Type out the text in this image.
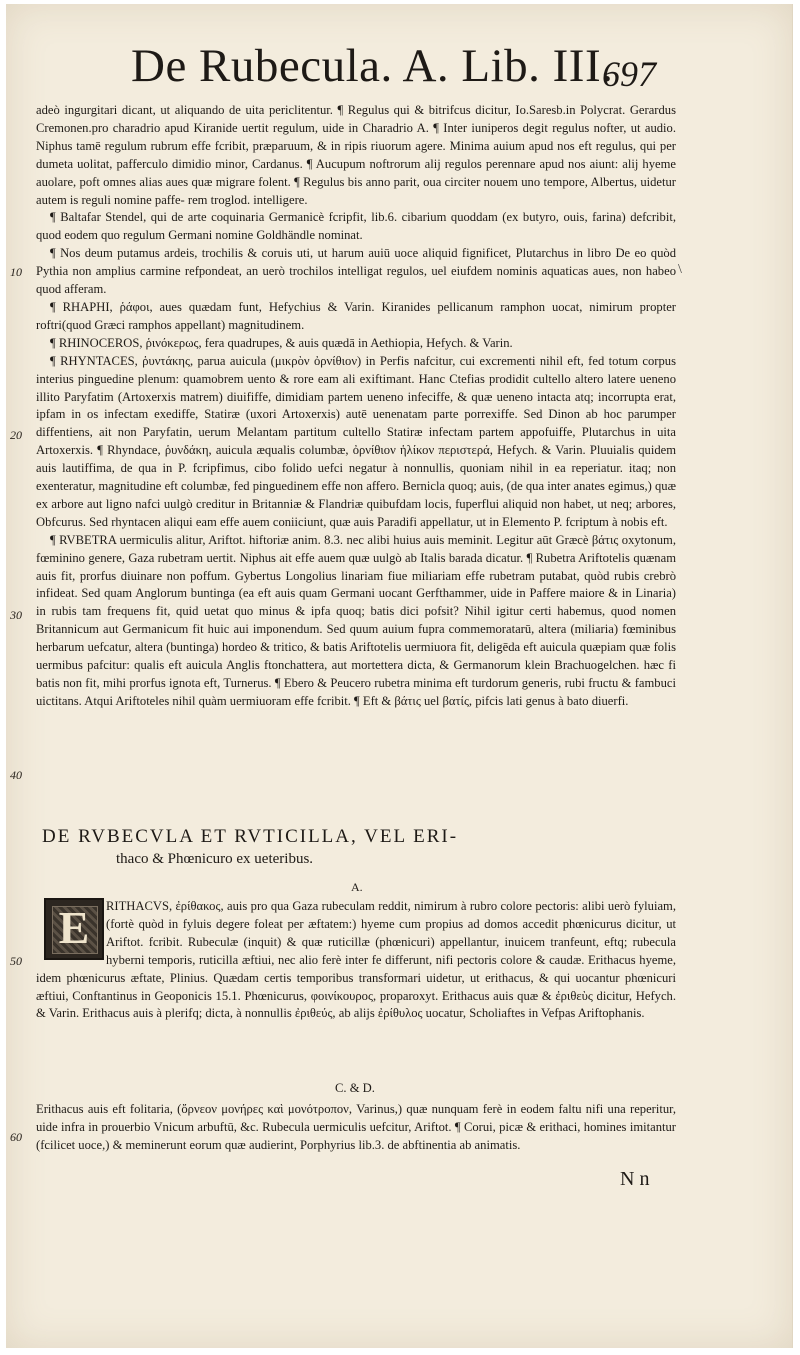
De Rubecula. A. Lib. III.
697
10
20
30
40
50
60
\

adeò ingurgitari dicant, ut aliquando de uita periclitentur. ¶ Regulus qui & bitrifcus dicitur, Io.Saresb.in Polycrat. Gerardus Cremonen.pro charadrio apud Kiranide uertit regulum, uide in Charadrio A. ¶ Inter iuniperos degit regulus nofter, ut audio. Niphus tamē regulum rubrum effe fcribit, præparuum, & in ripis riuorum agere. Minima auium apud nos eft regulus, qui per dumeta uolitat, pafferculo dimidio minor, Cardanus. ¶ Aucupum noftrorum alij regulos perennare apud nos aiunt: alij hyeme auolare, poft omnes alias aues quæ migrare folent. ¶ Regulus bis anno parit, oua circiter nouem uno tempore, Albertus, uidetur autem is reguli nomine paffe- rem troglod. intelligere.

¶ Baltafar Stendel, qui de arte coquinaria Germanicè fcripfit, lib.6. cibarium quoddam (ex butyro, ouis, farina) defcribit, quod eodem quo regulum Germani nomine Goldhändle nominat.

¶ Nos deum putamus ardeis, trochilis & coruis uti, ut harum auiū uoce aliquid fignificet, Plutarchus in libro De eo quòd Pythia non amplius carmine refpondeat, an uerò trochilos intelligat regulos, uel eiufdem nominis aquaticas aues, non habeo quod afferam.

¶ RHAPHI, ῥάφοι, aues quædam funt, Hefychius & Varin. Kiranides pellicanum ramphon uocat, nimirum propter roftri(quod Græci ramphos appellant) magnitudinem.

¶ RHINOCEROS, ῥινόκερως, fera quadrupes, & auis quædā in Aethiopia, Hefych. & Varin.

¶ RHYNTACES, ῥυντάκης, parua auicula (μικρὸν ὀρνίθιον) in Perfis nafcitur, cui excrementi nihil eft, fed totum corpus interius pinguedine plenum: quamobrem uento & rore eam ali exiftimant. Hanc Ctefias prodidit cultello altero latere ueneno illito Paryfatim (Artoxerxis matrem) diuififfe, dimidiam partem ueneno infeciffe, & quæ ueneno intacta atq; incorrupta erat, ipfam in os infectam exediffe, Statiræ (uxori Artoxerxis) autē uenenatam parte porrexiffe. Sed Dinon ab hoc parumper diffentiens, ait non Paryfatin, uerum Melantam partitum cultello Statiræ infectam partem appofuiffe, Plutarchus in uita Artoxerxis. ¶ Rhyndace, ῥυνδάκη, auicula æqualis columbæ, ὀρνίθιον ἡλίκον περιστερά, Hefych. & Varin. Pluuialis quidem auis lautiffima, de qua in P. fcripfimus, cibo folido uefci negatur à nonnullis, quoniam nihil in ea reperiatur. itaq; non exenteratur, magnitudine eft columbæ, fed pinguedinem effe non affero. Bernicla quoq; auis, (de qua inter anates egimus,) quæ ex arbore aut ligno nafci uulgò creditur in Britanniæ & Flandriæ quibufdam locis, fuperflui aliquid non habet, ut neq; arbores, Obfcurus. Sed rhyntacen aliqui eam effe auem coniiciunt, quæ auis Paradifi appellatur, ut in Elemento P. fcriptum à nobis eft.

¶ RVBETRA uermiculis alitur, Ariftot. hiftoriæ anim. 8.3. nec alibi huius auis meminit. Legitur aūt Græcè βάτις oxytonum, fœminino genere, Gaza rubetram uertit. Niphus ait effe auem quæ uulgò ab Italis barada dicatur. ¶ Rubetra Ariftotelis quænam auis fit, prorfus diuinare non poffum. Gybertus Longolius linariam fiue miliariam effe rubetram putabat, quòd rubis crebrò infideat. Sed quam Anglorum buntinga (ea eft auis quam Germani uocant Gerfthammer, uide in Paffere maiore & in Linaria) in rubis tam frequens fit, quid uetat quo minus & ipfa quoq; batis dici pofsit? Nihil igitur certi habemus, quod nomen Britannicum aut Germanicum fit huic aui imponendum. Sed quum auium fupra commemoratarū, altera (miliaria) fœminibus herbarum uefcatur, altera (buntinga) hordeo & tritico, & batis Ariftotelis uermiuora fit, deligēda eft auicula quæpiam quæ folis uermibus pafcitur: qualis eft auicula Anglis ftonchattera, aut mortettera dicta, & Germanorum klein Brachuogelchen. hæc fi batis non fit, mihi prorfus ignota eft, Turnerus. ¶ Ebero & Peucero rubetra minima eft turdorum generis, rubi fructu & fambuci uictitans. Atqui Ariftoteles nihil quàm uermiuoram effe fcribit. ¶ Eft & βάτις uel βατίς, pifcis lati genus à bato diuerfi.

DE RVBECVLA ET RVTICILLA, VEL ERI-
thaco & Phœnicuro ex ueteribus.
A.

RITHACVS, ἐρίθακος, auis pro qua Gaza rubeculam reddit, nimirum à rubro colore pectoris: alibi uerò fyluiam, (fortè quòd in fyluis degere foleat per æftatem:) hyeme cum propius ad domos accedit phœnicurus dicitur, ut Ariftot. fcribit. Rubeculæ (inquit) & quæ ruticillæ (phœnicuri) appellantur, inuicem tranfeunt, eftq; rubecula hyberni temporis, ruticilla æftiui, nec alio ferè inter fe differunt, nifi pectoris colore & caudæ. Erithacus hyeme, idem phœnicurus æftate, Plinius. Quædam certis temporibus transformari uidetur, ut erithacus, & qui uocantur phœnicuri æftiui, Conftantinus in Geoponicis 15.1. Phœnicurus, φοινίκουρος, proparoxyt. Erithacus auis quæ & ἐριθεὺς dicitur, Hefych. & Varin. Erithacus auis à plerifq; dicta, à nonnullis ἐριθεύς, ab alijs ἐρίθυλος uocatur, Scholiaftes in Vefpas Ariftophanis.

E
C. & D.

Erithacus auis eft folitaria, (ὄρνεον μονήρες καὶ μονότροπον, Varinus,) quæ nunquam ferè in eodem faltu nifi una reperitur, uide infra in prouerbio Vnicum arbuftū, &c. Rubecula uermiculis uefcitur, Ariftot. ¶ Corui, picæ & erithaci, homines imitantur (fcilicet uoce,) & meminerunt eorum quæ audierint, Porphyrius lib.3. de abftinentia ab animatis.

N n
